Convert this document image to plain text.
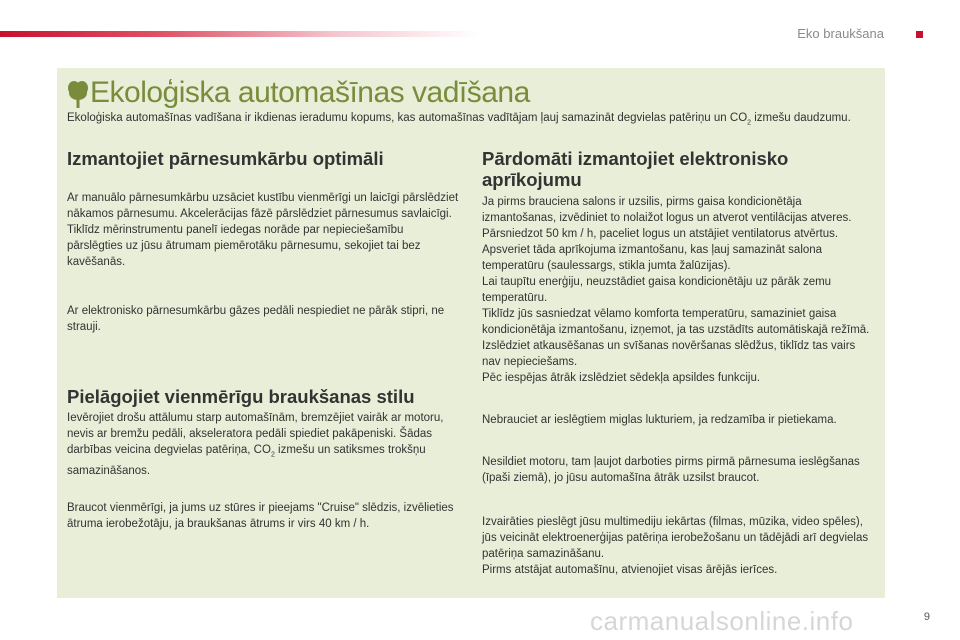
Eko braukšana
Ekoloģiska automašīnas vadīšana
Ekoloģiska automašīnas vadīšana ir ikdienas ieradumu kopums, kas automašīnas vadītājam ļauj samazināt degvielas patēriņu un $CO_2$ izmešu daudzumu.
Izmantojiet pārnesumkārbu optimāli
Ar manuālo pārnesumkārbu uzsāciet kustību vienmērīgi un laicīgi pārslēdziet nākamos pārnesumu. Akcelerācijas fāzē pārslēdziet pārnesumus savlaicīgi.
Tiklīdz mērinstrumentu panelī iedegas norāde par nepieciešamību pārslēgties uz jūsu ātrumam piemērotāku pārnesumu, sekojiet tai bez kavēšanās.
Ar elektronisko pārnesumkārbu gāzes pedāli nespiediet ne pārāk stipri, ne strauji.
Pielāgojiet vienmērīgu braukšanas stilu
Ievērojiet drošu attālumu starp automašīnām, bremzējiet vairāk ar motoru, nevis ar bremžu pedāli, akseleratora pedāli spiediet pakāpeniski. Šādas darbības veicina degvielas patēriņa, $CO_2$ izmešu un satiksmes trokšņu samazināšanos.
Braucot vienmērīgi, ja jums uz stūres ir pieejams "Cruise" slēdzis, izvēlieties ātruma ierobežotāju, ja braukšanas ātrums ir virs 40 km / h.
Pārdomāti izmantojiet elektronisko aprīkojumu
Ja pirms brauciena salons ir uzsilis, pirms gaisa kondicionētāja izmantošanas, izvēdiniet to nolaižot logus un atverot ventilācijas atveres.
Pārsniedzot 50 km / h, paceliet logus un atstājiet ventilatorus atvērtus.
Apsveriet tāda aprīkojuma izmantošanu, kas ļauj samazināt salona temperatūru (saulessargs, stikla jumta žalūzijas).
Lai taupītu enerģiju, neuzstādiet gaisa kondicionētāju uz pārāk zemu temperatūru.
Tiklīdz jūs sasniedzat vēlamo komforta temperatūru, samaziniet gaisa kondicionētāja izmantošanu, izņemot, ja tas uzstādīts automātiskajā režīmā.
Izslēdziet atkausēšanas un svīšanas novēršanas slēdžus, tiklīdz tas vairs nav nepieciešams.
Pēc iespējas ātrāk izslēdziet sēdekļa apsildes funkciju.
Nebrauciet ar ieslēgtiem miglas lukturiem, ja redzamība ir pietiekama.
Nesildiet motoru, tam ļaujot darboties pirms pirmā pārnesuma ieslēgšanas (īpaši ziemā), jo jūsu automašīna ātrāk uzsilst braucot.
Izvairāties pieslēgt jūsu multimediju iekārtas (filmas, mūzika, video spēles), jūs veicināt elektroenerģijas patēriņa ierobežošanu un tādējādi arī degvielas patēriņa samazināšanu.
Pirms atstājat automašīnu, atvienojiet visas ārējās ierīces.
carmanualsonline.info	9
